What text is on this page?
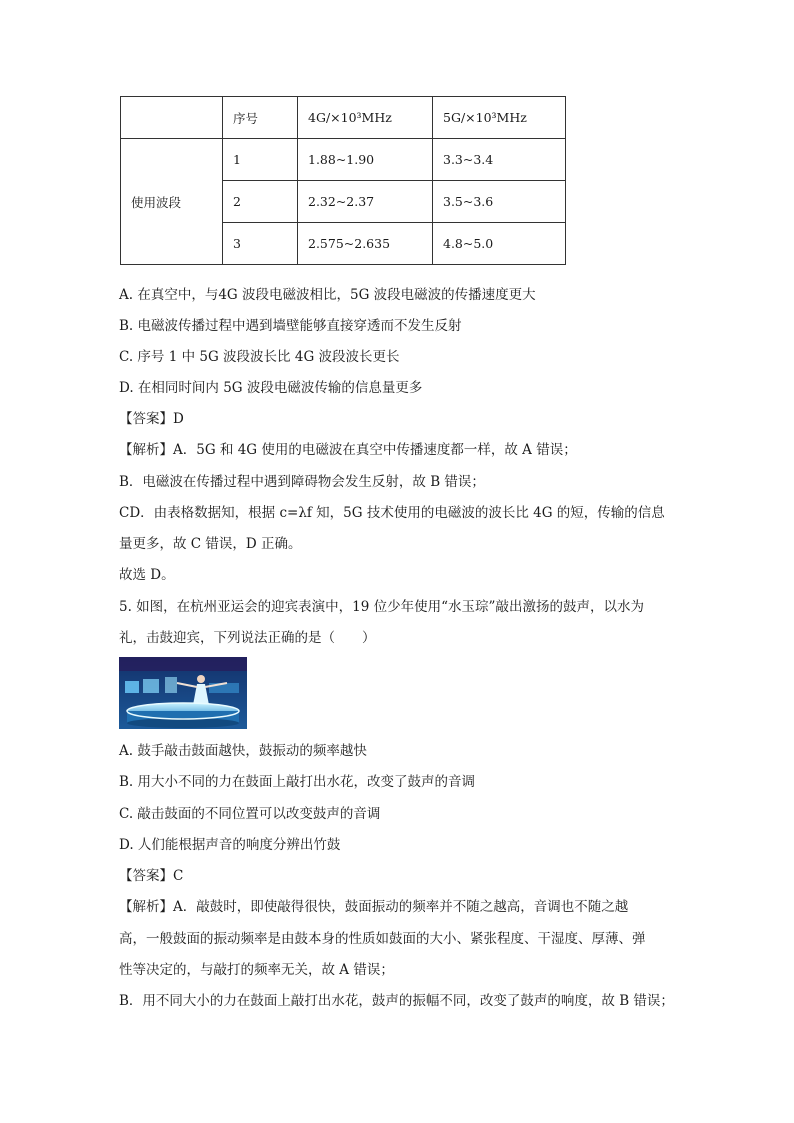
	序号	4G/×10³MHz	5G/×10³MHz
使用波段	1	1.88~1.90	3.3~3.4
	2	2.32~2.37	3.5~3.6
	3	2.575~2.635	4.8~5.0
A. 在真空中，与4G 波段电磁波相比，5G 波段电磁波的传播速度更大
B. 电磁波传播过程中遇到墙壁能够直接穿透而不发生反射
C. 序号 1 中 5G 波段波长比 4G 波段波长更长
D. 在相同时间内 5G 波段电磁波传输的信息量更多
【答案】D
【解析】A．5G 和 4G 使用的电磁波在真空中传播速度都一样，故 A 错误；
B．电磁波在传播过程中遇到障碍物会发生反射，故 B 错误；
CD．由表格数据知，根据 c=λf 知，5G 技术使用的电磁波的波长比 4G 的短，传输的信息
量更多，故 C 错误，D 正确。
故选 D。
5. 如图，在杭州亚运会的迎宾表演中，19 位少年使用“水玉琮”敲出激扬的鼓声，以水为
礼，击鼓迎宾，下列说法正确的是（　　）
A. 鼓手敲击鼓面越快，鼓振动的频率越快
B. 用大小不同的力在鼓面上敲打出水花，改变了鼓声的音调
C. 敲击鼓面的不同位置可以改变鼓声的音调
D. 人们能根据声音的响度分辨出竹鼓
【答案】C
【解析】A．敲鼓时，即使敲得很快，鼓面振动的频率并不随之越高，音调也不随之越
高，一般鼓面的振动频率是由鼓本身的性质如鼓面的大小、紧张程度、干湿度、厚薄、弹
性等决定的，与敲打的频率无关，故 A 错误；
B．用不同大小的力在鼓面上敲打出水花，鼓声的振幅不同，改变了鼓声的响度，故 B 错误；
